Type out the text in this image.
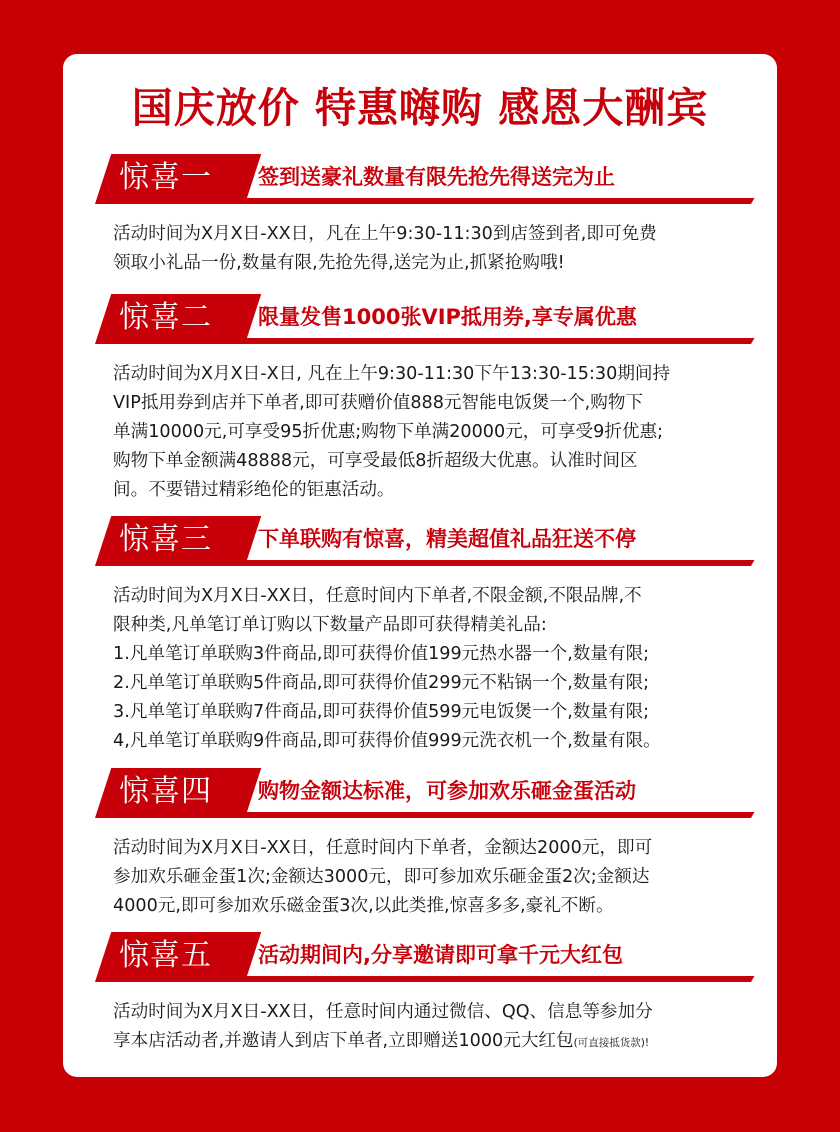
国庆放价 特惠嗨购 感恩大酬宾
惊喜一 签到送豪礼数量有限先抢先得送完为止

活动时间为X月X日-XX日，凡在上午9:30-11:30到店签到者,即可免费

领取小礼品一份,数量有限,先抢先得,送完为止,抓紧抢购哦!

惊喜二 限量发售1000张VIP抵用券,享专属优惠

活动时间为X月X日-X日, 凡在上午9:30-11:30下午13:30-15:30期间持

VIP抵用券到店并下单者,即可获赠价值888元智能电饭煲一个,购物下

单满10000元,可享受95折优惠;购物下单满20000元，可享受9折优惠;

购物下单金额满48888元，可享受最低8折超级大优惠。认准时间区

间。不要错过精彩绝伦的钜惠活动。

惊喜三 下单联购有惊喜，精美超值礼品狂送不停

活动时间为X月X日-XX日，任意时间内下单者,不限金额,不限品牌,不

限种类,凡单笔订单订购以下数量产品即可获得精美礼品:

1.凡单笔订单联购3件商品,即可获得价值199元热水器一个,数量有限;

2.凡单笔订单联购5件商品,即可获得价值299元不粘锅一个,数量有限;

3.凡单笔订单联购7件商品,即可获得价值599元电饭煲一个,数量有限;

4,凡单笔订单联购9件商品,即可获得价值999元洗衣机一个,数量有限。

惊喜四 购物金额达标准，可参加欢乐砸金蛋活动

活动时间为X月X日-XX日，任意时间内下单者，金额达2000元，即可

参加欢乐砸金蛋1次;金额达3000元，即可参加欢乐砸金蛋2次;金额达

4000元,即可参加欢乐磁金蛋3次,以此类推,惊喜多多,豪礼不断。

惊喜五 活动期间内,分享邀请即可拿千元大红包

活动时间为X月X日-XX日，任意时间内通过微信、QQ、信息等参加分

享本店活动者,并邀请人到店下单者,立即赠送1000元大红包(可直接抵货款)!
